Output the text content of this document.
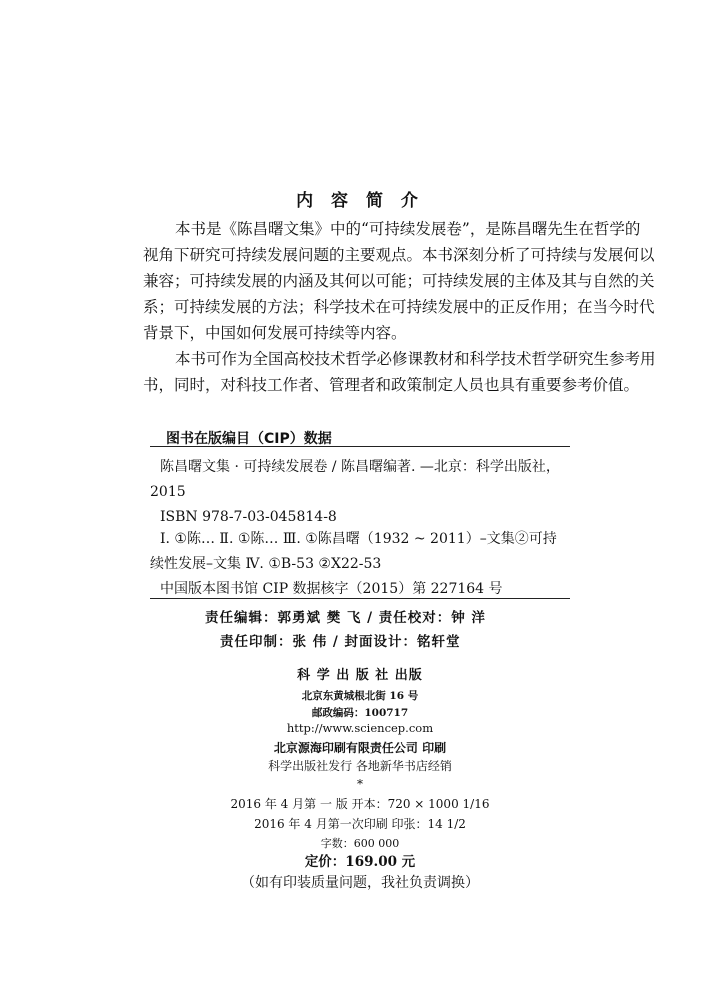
内 容 简 介
本书是《陈昌曙文集》中的“可持续发展卷”，是陈昌曙先生在哲学的
视角下研究可持续发展问题的主要观点。本书深刻分析了可持续与发展何以
兼容；可持续发展的内涵及其何以可能；可持续发展的主体及其与自然的关
系；可持续发展的方法；科学技术在可持续发展中的正反作用；在当今时代
背景下，中国如何发展可持续等内容。
本书可作为全国高校技术哲学必修课教材和科学技术哲学研究生参考用
书，同时，对科技工作者、管理者和政策制定人员也具有重要参考价值。
图书在版编目（CIP）数据
陈昌曙文集 · 可持续发展卷 / 陈昌曙编著. —北京：科学出版社，
2015
ISBN 978-7-03-045814-8
Ⅰ. ①陈… Ⅱ. ①陈… Ⅲ. ①陈昌曙（1932 ~ 2011）–文集②可持
续性发展–文集 Ⅳ. ①B-53 ②X22-53
中国版本图书馆 CIP 数据核字（2015）第 227164 号
责任编辑：郭勇斌 樊 飞 / 责任校对：钟 洋
责任印制：张 伟 / 封面设计：铭轩堂
科 学 出 版 社 出版
北京东黄城根北街 16 号
邮政编码：100717
http://www.sciencep.com
北京源海印刷有限责任公司 印刷
科学出版社发行 各地新华书店经销
*
2016 年 4 月第 一 版 开本：720 × 1000 1/16
2016 年 4 月第一次印刷 印张：14 1/2
字数：600 000
定价：169.00 元
（如有印装质量问题，我社负责调换）
